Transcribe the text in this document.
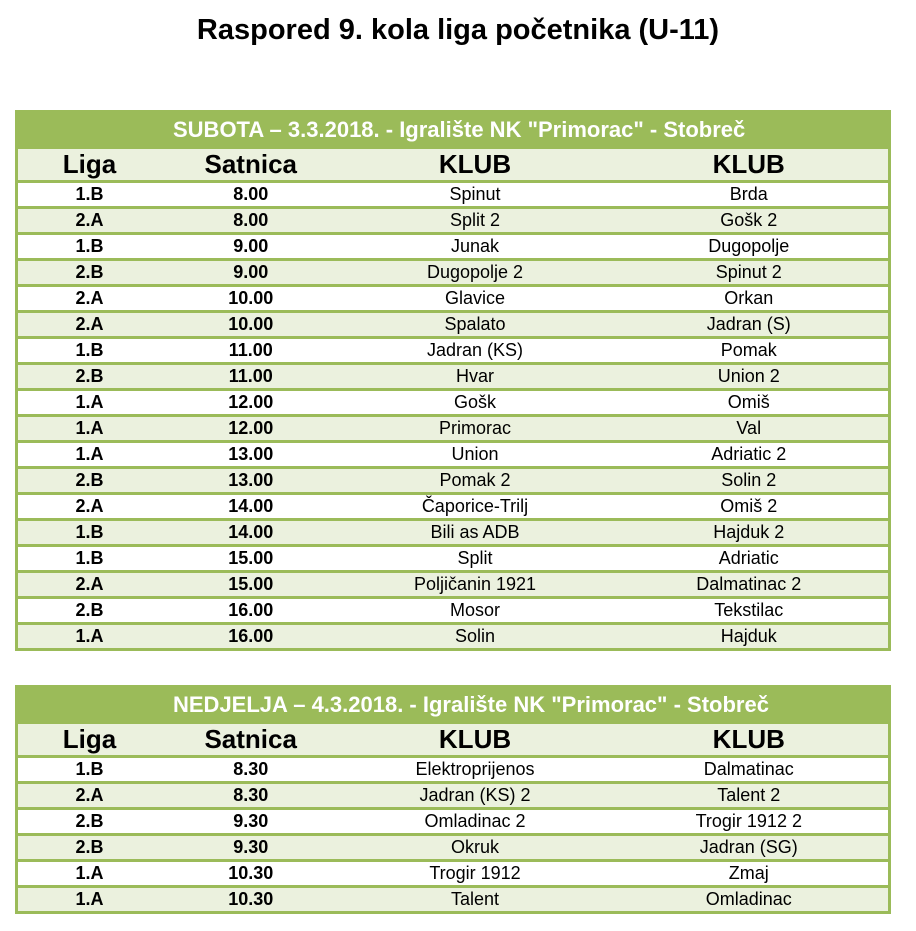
Raspored 9. kola liga početnika (U-11)
SUBOTA – 3.3.2018. - Igralište NK "Primorac" - Stobreč			
Liga	Satnica	KLUB	KLUB
1.B	8.00	Spinut	Brda
2.A	8.00	Split 2	Gošk 2
1.B	9.00	Junak	Dugopolje
2.B	9.00	Dugopolje 2	Spinut 2
2.A	10.00	Glavice	Orkan
2.A	10.00	Spalato	Jadran (S)
1.B	11.00	Jadran (KS)	Pomak
2.B	11.00	Hvar	Union 2
1.A	12.00	Gošk	Omiš
1.A	12.00	Primorac	Val
1.A	13.00	Union	Adriatic 2
2.B	13.00	Pomak 2	Solin 2
2.A	14.00	Čaporice-Trilj	Omiš 2
1.B	14.00	Bili as ADB	Hajduk 2
1.B	15.00	Split	Adriatic
2.A	15.00	Poljičanin 1921	Dalmatinac 2
2.B	16.00	Mosor	Tekstilac
1.A	16.00	Solin	Hajduk
NEDJELJA – 4.3.2018. - Igralište NK "Primorac" - Stobreč			
Liga	Satnica	KLUB	KLUB
1.B	8.30	Elektroprijenos	Dalmatinac
2.A	8.30	Jadran (KS) 2	Talent 2
2.B	9.30	Omladinac 2	Trogir 1912 2
2.B	9.30	Okruk	Jadran (SG)
1.A	10.30	Trogir 1912	Zmaj
1.A	10.30	Talent	Omladinac
